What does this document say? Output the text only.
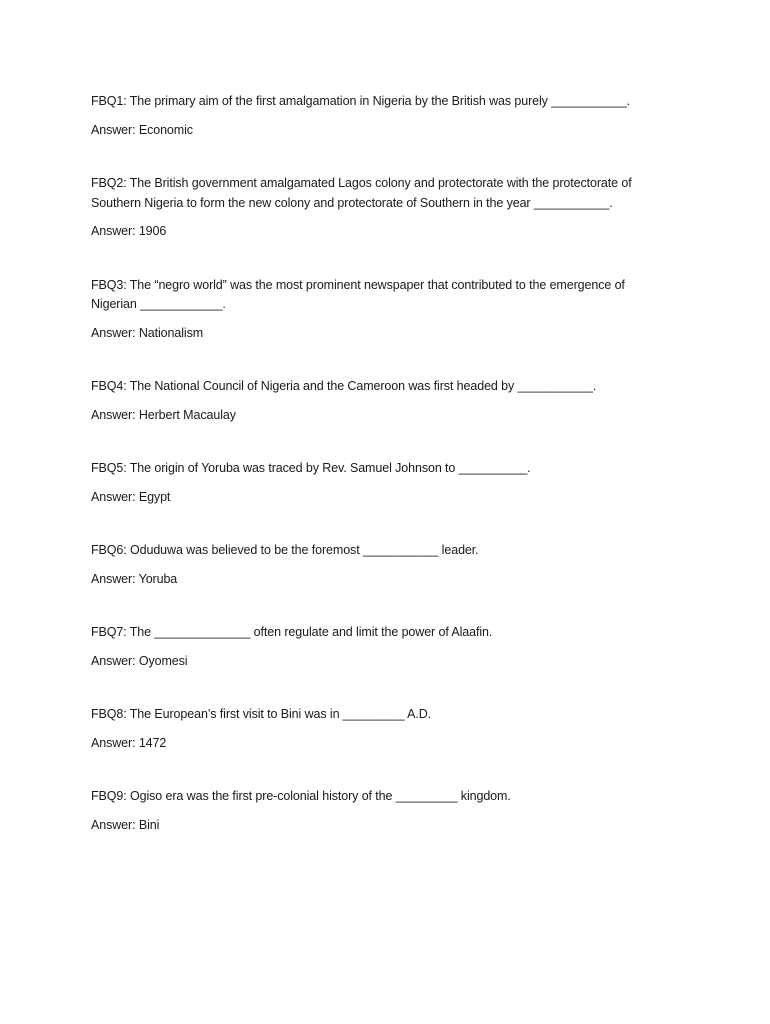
FBQ1: The primary aim of the first amalgamation in Nigeria by the British was purely ___________.

Answer: Economic

FBQ2: The British government amalgamated Lagos colony and protectorate with the protectorate of Southern Nigeria to form the new colony and protectorate of Southern in the year ___________.

Answer: 1906

FBQ3: The “negro world” was the most prominent newspaper that contributed to the emergence of Nigerian ____________.

Answer: Nationalism

FBQ4: The National Council of Nigeria and the Cameroon was first headed by ___________.

Answer: Herbert Macaulay

FBQ5: The origin of Yoruba was traced by Rev. Samuel Johnson to __________.

Answer: Egypt

FBQ6: Oduduwa was believed to be the foremost ___________ leader.

Answer: Yoruba

FBQ7: The ______________ often regulate and limit the power of Alaafin.

Answer: Oyomesi

FBQ8: The European’s first visit to Bini was in _________ A.D.

Answer: 1472

FBQ9: Ogiso era was the first pre-colonial history of the _________ kingdom.

Answer: Bini
